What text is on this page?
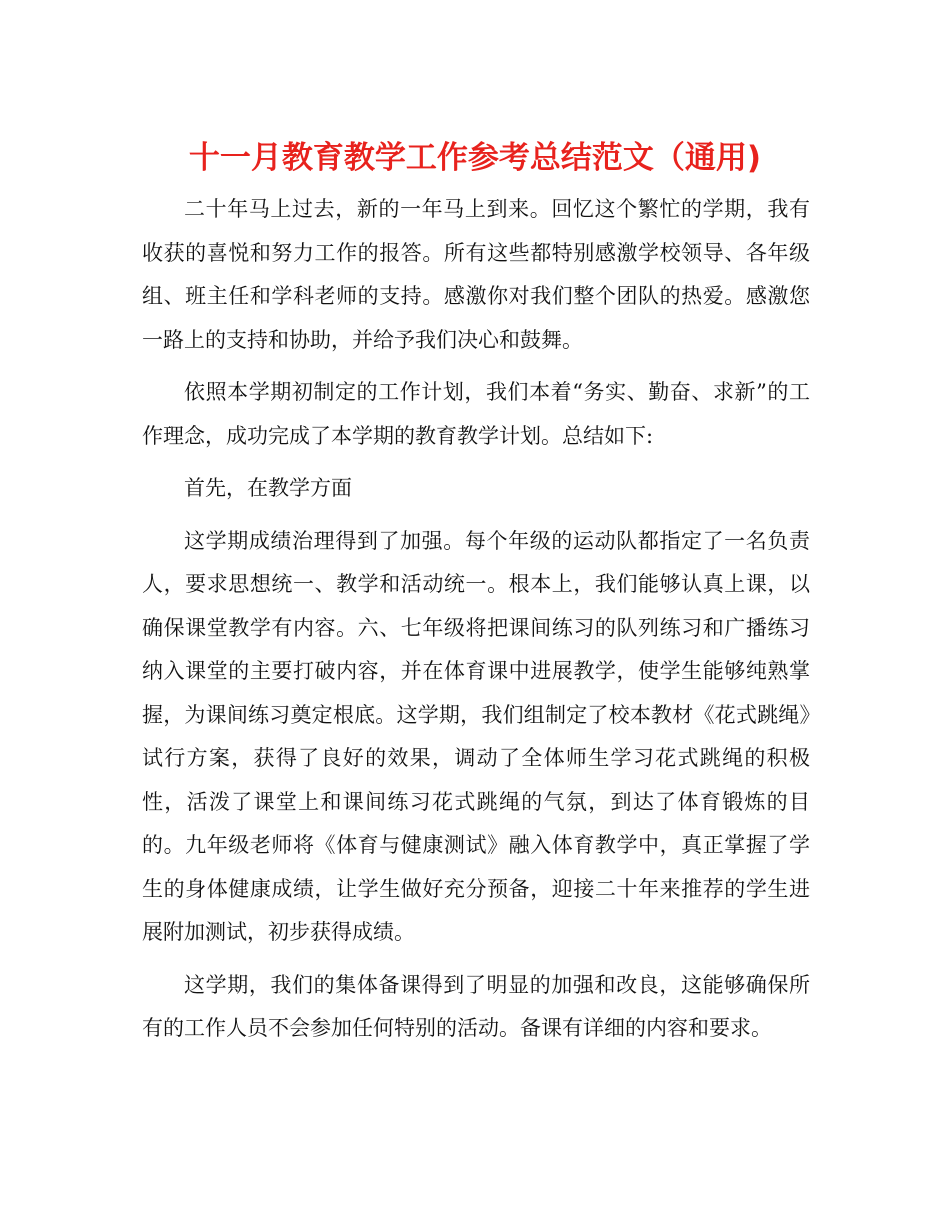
十一月教育教学工作参考总结范文（通用)

二十年马上过去，新的一年马上到来。回忆这个繁忙的学期，我有收获的喜悦和努力工作的报答。所有这些都特别感激学校领导、各年级组、班主任和学科老师的支持。感激你对我们整个团队的热爱。感激您一路上的支持和协助，并给予我们决心和鼓舞。

依照本学期初制定的工作计划，我们本着“务实、勤奋、求新”的工作理念，成功完成了本学期的教育教学计划。总结如下:

首先，在教学方面

这学期成绩治理得到了加强。每个年级的运动队都指定了一名负责人，要求思想统一、教学和活动统一。根本上，我们能够认真上课，以确保课堂教学有内容。六、七年级将把课间练习的队列练习和广播练习纳入课堂的主要打破内容，并在体育课中进展教学，使学生能够纯熟掌握，为课间练习奠定根底。这学期，我们组制定了校本教材《花式跳绳》试行方案，获得了良好的效果，调动了全体师生学习花式跳绳的积极性，活泼了课堂上和课间练习花式跳绳的气氛，到达了体育锻炼的目的。九年级老师将《体育与健康测试》融入体育教学中，真正掌握了学生的身体健康成绩，让学生做好充分预备，迎接二十年来推荐的学生进展附加测试，初步获得成绩。

这学期，我们的集体备课得到了明显的加强和改良，这能够确保所有的工作人员不会参加任何特别的活动。备课有详细的内容和要求。
